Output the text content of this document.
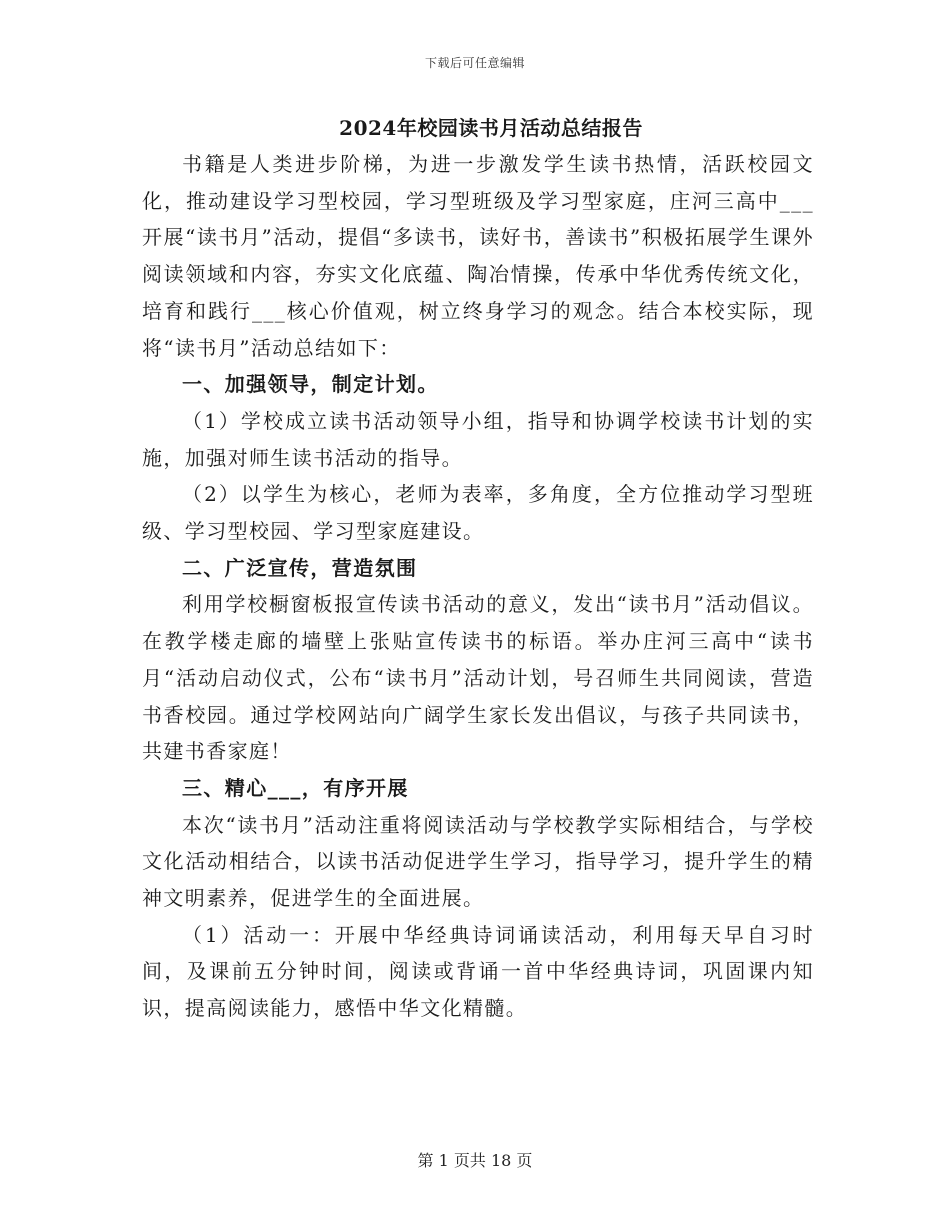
下载后可任意编辑
2024年校园读书月活动总结报告

书籍是人类进步阶梯，为进一步激发学生读书热情，活跃校园文化，推动建设学习型校园，学习型班级及学习型家庭，庄河三高中___开展“读书月”活动，提倡“多读书，读好书，善读书”积极拓展学生课外阅读领域和内容，夯实文化底蕴、陶冶情操，传承中华优秀传统文化，培育和践行___核心价值观，树立终身学习的观念。结合本校实际，现将“读书月”活动总结如下：

一、加强领导，制定计划。

（1）学校成立读书活动领导小组，指导和协调学校读书计划的实施，加强对师生读书活动的指导。

（2）以学生为核心，老师为表率，多角度，全方位推动学习型班级、学习型校园、学习型家庭建设。

二、广泛宣传，营造氛围

利用学校橱窗板报宣传读书活动的意义，发出“读书月”活动倡议。在教学楼走廊的墙壁上张贴宣传读书的标语。举办庄河三高中“读书月“活动启动仪式，公布“读书月”活动计划，号召师生共同阅读，营造书香校园。通过学校网站向广阔学生家长发出倡议，与孩子共同读书，共建书香家庭！

三、精心___，有序开展

本次“读书月”活动注重将阅读活动与学校教学实际相结合，与学校文化活动相结合，以读书活动促进学生学习，指导学习，提升学生的精神文明素养，促进学生的全面进展。

（1）活动一：开展中华经典诗词诵读活动，利用每天早自习时间，及课前五分钟时间，阅读或背诵一首中华经典诗词，巩固课内知识，提高阅读能力，感悟中华文化精髓。

第 1 页共 18 页
